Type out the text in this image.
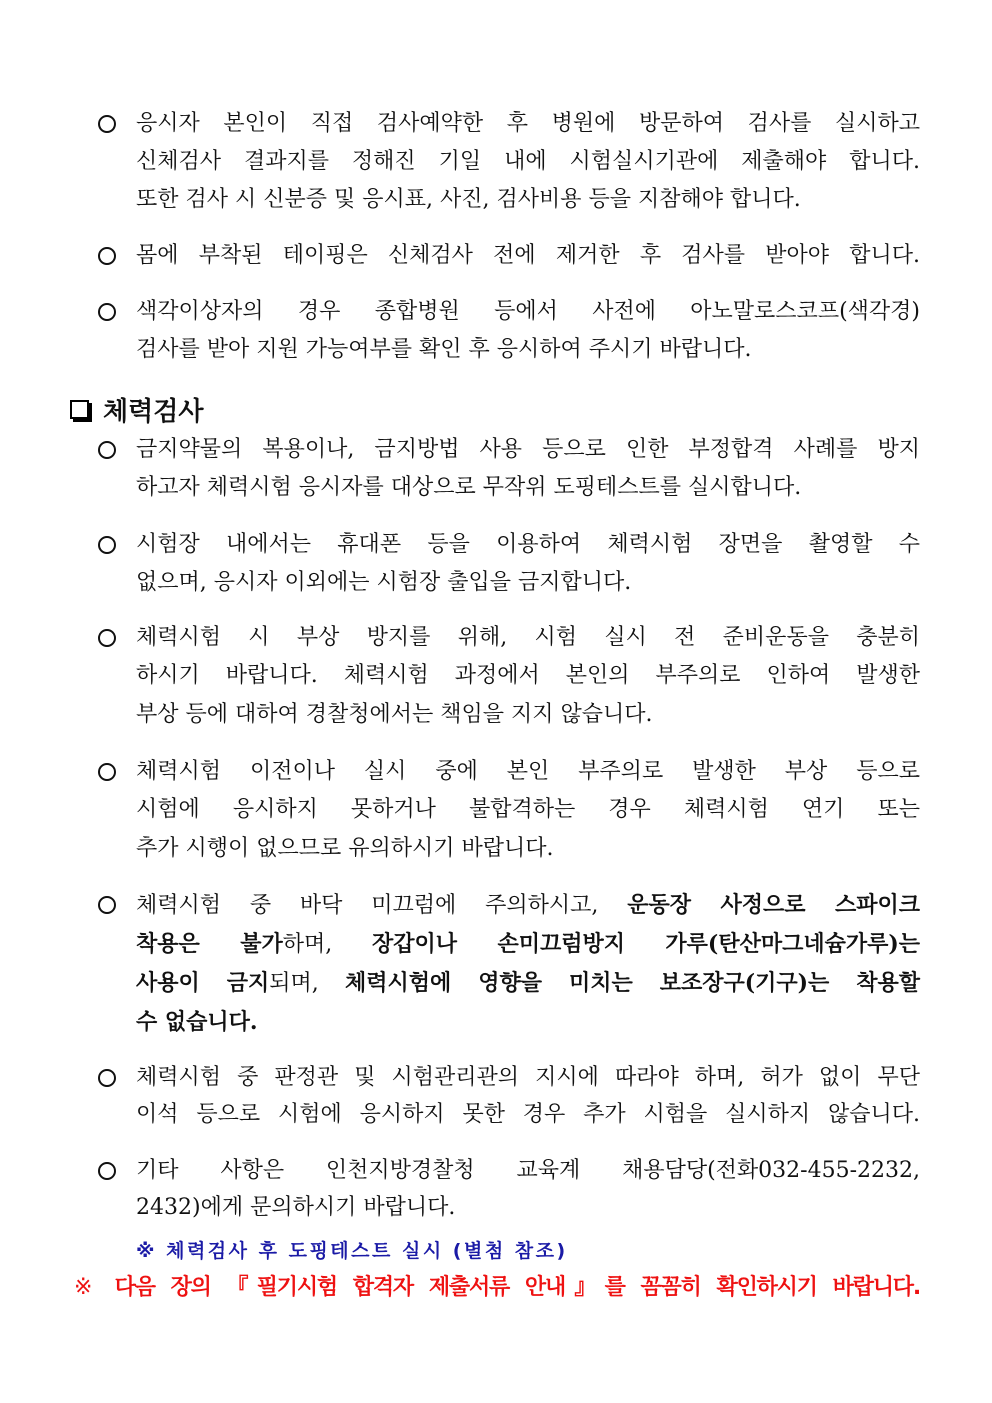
응시자 본인이 직접 검사예약한 후 병원에 방문하여 검사를 실시하고
신체검사 결과지를 정해진 기일 내에 시험실시기관에 제출해야 합니다.
또한 검사 시 신분증 및 응시표, 사진, 검사비용 등을 지참해야 합니다.
몸에 부착된 테이핑은 신체검사 전에 제거한 후 검사를 받아야 합니다.
색각이상자의 경우 종합병원 등에서 사전에 아노말로스코프(색각경)
검사를 받아 지원 가능여부를 확인 후 응시하여 주시기 바랍니다.
체력검사
금지약물의 복용이나, 금지방법 사용 등으로 인한 부정합격 사례를 방지
하고자 체력시험 응시자를 대상으로 무작위 도핑테스트를 실시합니다.
시험장 내에서는 휴대폰 등을 이용하여 체력시험 장면을 촬영할 수
없으며, 응시자 이외에는 시험장 출입을 금지합니다.
체력시험 시 부상 방지를 위해, 시험 실시 전 준비운동을 충분히
하시기 바랍니다. 체력시험 과정에서 본인의 부주의로 인하여 발생한
부상 등에 대하여 경찰청에서는 책임을 지지 않습니다.
체력시험 이전이나 실시 중에 본인 부주의로 발생한 부상 등으로
시험에 응시하지 못하거나 불합격하는 경우 체력시험 연기 또는
추가 시행이 없으므로 유의하시기 바랍니다.
체력시험 중 바닥 미끄럼에 주의하시고, 운동장 사정으로 스파이크
착용은 불가하며, 장갑이나 손미끄럼방지 가루(탄산마그네슘가루)는
사용이 금지되며, 체력시험에 영향을 미치는 보조장구(기구)는 착용할
수 없습니다.
체력시험 중 판정관 및 시험관리관의 지시에 따라야 하며, 허가 없이 무단
이석 등으로 시험에 응시하지 못한 경우 추가 시험을 실시하지 않습니다.
기타 사항은 인천지방경찰청 교육계 채용담당(전화032-455-2232,
2432)에게 문의하시기 바랍니다.
※ 체력검사 후 도핑테스트 실시 (별첨 참조)
※ 다음 장의 『필기시험 합격자 제출서류 안내』를 꼼꼼히 확인하시기 바랍니다.
